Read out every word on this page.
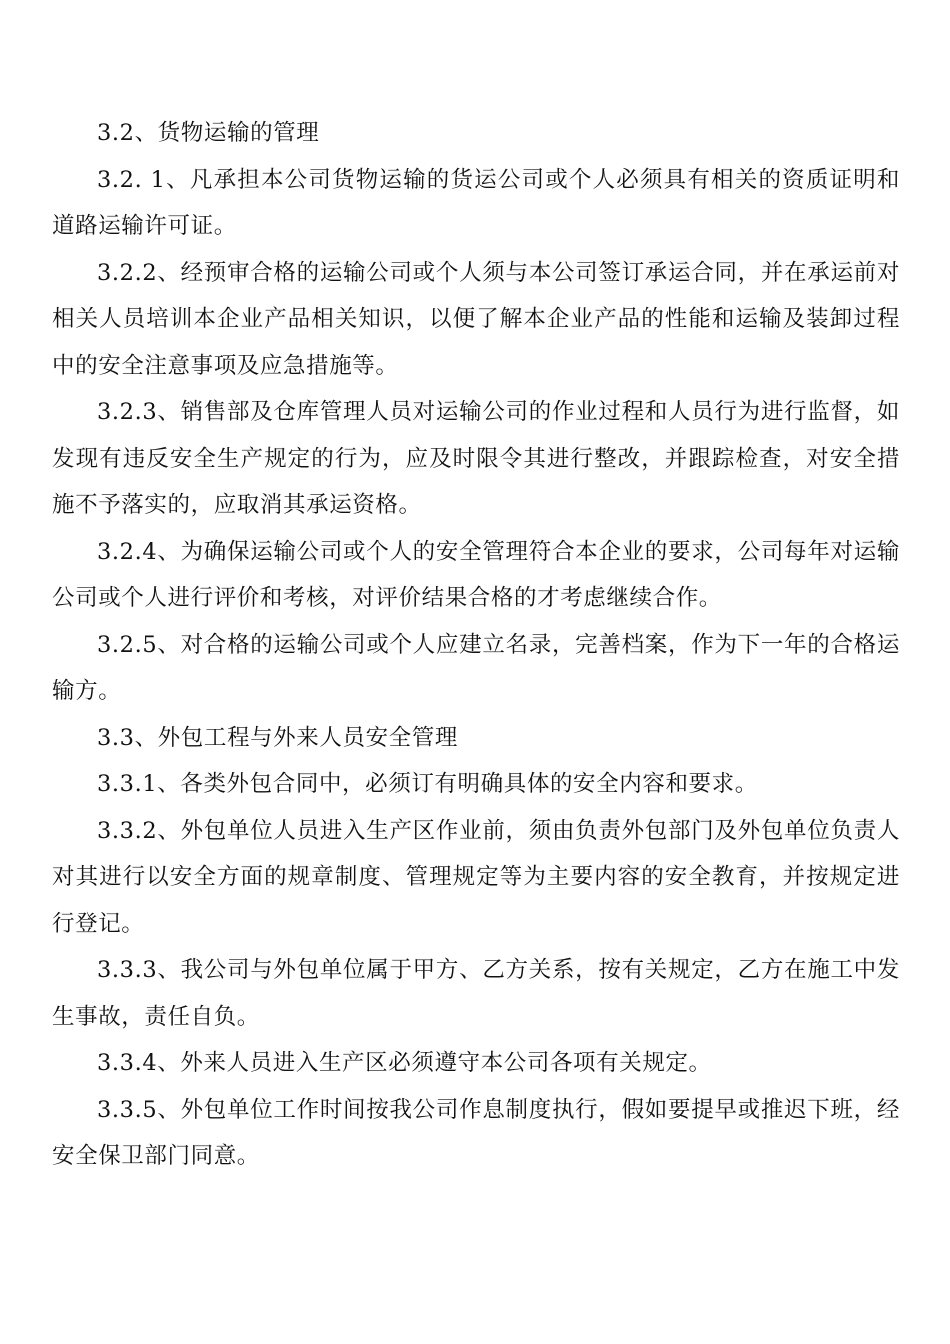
3.2、货物运输的管理

3.2. 1、凡承担本公司货物运输的货运公司或个人必须具有相关的资质证明和道路运输许可证。

3.2.2、经预审合格的运输公司或个人须与本公司签订承运合同，并在承运前对相关人员培训本企业产品相关知识，以便了解本企业产品的性能和运输及装卸过程中的安全注意事项及应急措施等。

3.2.3、销售部及仓库管理人员对运输公司的作业过程和人员行为进行监督，如发现有违反安全生产规定的行为，应及时限令其进行整改，并跟踪检查，对安全措施不予落实的，应取消其承运资格。

3.2.4、为确保运输公司或个人的安全管理符合本企业的要求，公司每年对运输公司或个人进行评价和考核，对评价结果合格的才考虑继续合作。

3.2.5、对合格的运输公司或个人应建立名录，完善档案，作为下一年的合格运输方。

3.3、外包工程与外来人员安全管理

3.3.1、各类外包合同中，必须订有明确具体的安全内容和要求。

3.3.2、外包单位人员进入生产区作业前，须由负责外包部门及外包单位负责人对其进行以安全方面的规章制度、管理规定等为主要内容的安全教育，并按规定进行登记。

3.3.3、我公司与外包单位属于甲方、乙方关系，按有关规定，乙方在施工中发生事故，责任自负。

3.3.4、外来人员进入生产区必须遵守本公司各项有关规定。

3.3.5、外包单位工作时间按我公司作息制度执行，假如要提早或推迟下班，经安全保卫部门同意。
